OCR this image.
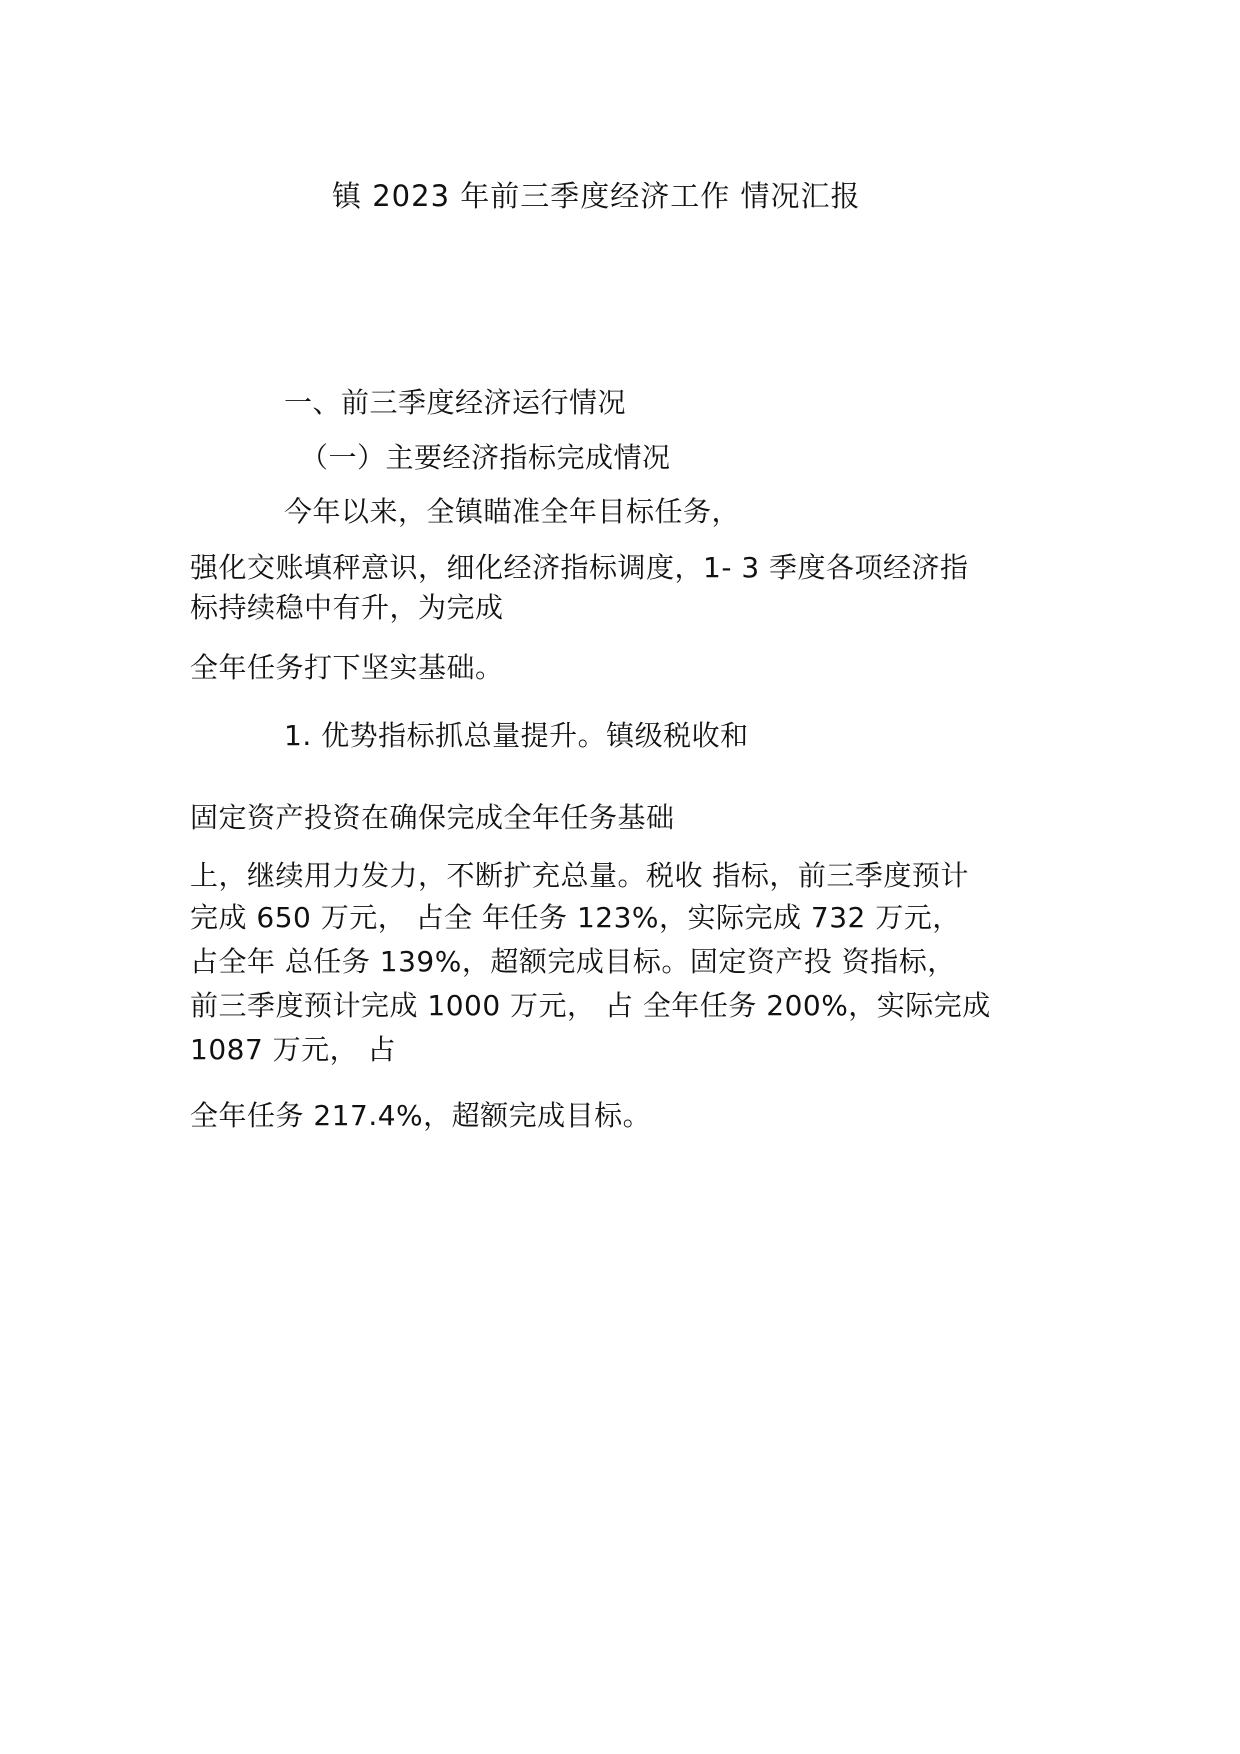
镇 2023 年前三季度经济工作 情况汇报
一、前三季度经济运行情况
（一）主要经济指标完成情况
今年以来，全镇瞄准全年目标任务，
强化交账填秤意识，细化经济指标调度，1- 3 季度各项经济指
标持续稳中有升，为完成
全年任务打下坚实基础。
1. 优势指标抓总量提升。镇级税收和
固定资产投资在确保完成全年任务基础
上，继续用力发力，不断扩充总量。税收 指标，前三季度预计
完成 650 万元， 占全 年任务 123%，实际完成 732 万元，
占全年 总任务 139%，超额完成目标。固定资产投 资指标，
前三季度预计完成 1000 万元， 占 全年任务 200%，实际完成
1087 万元， 占
全年任务 217.4%，超额完成目标。
